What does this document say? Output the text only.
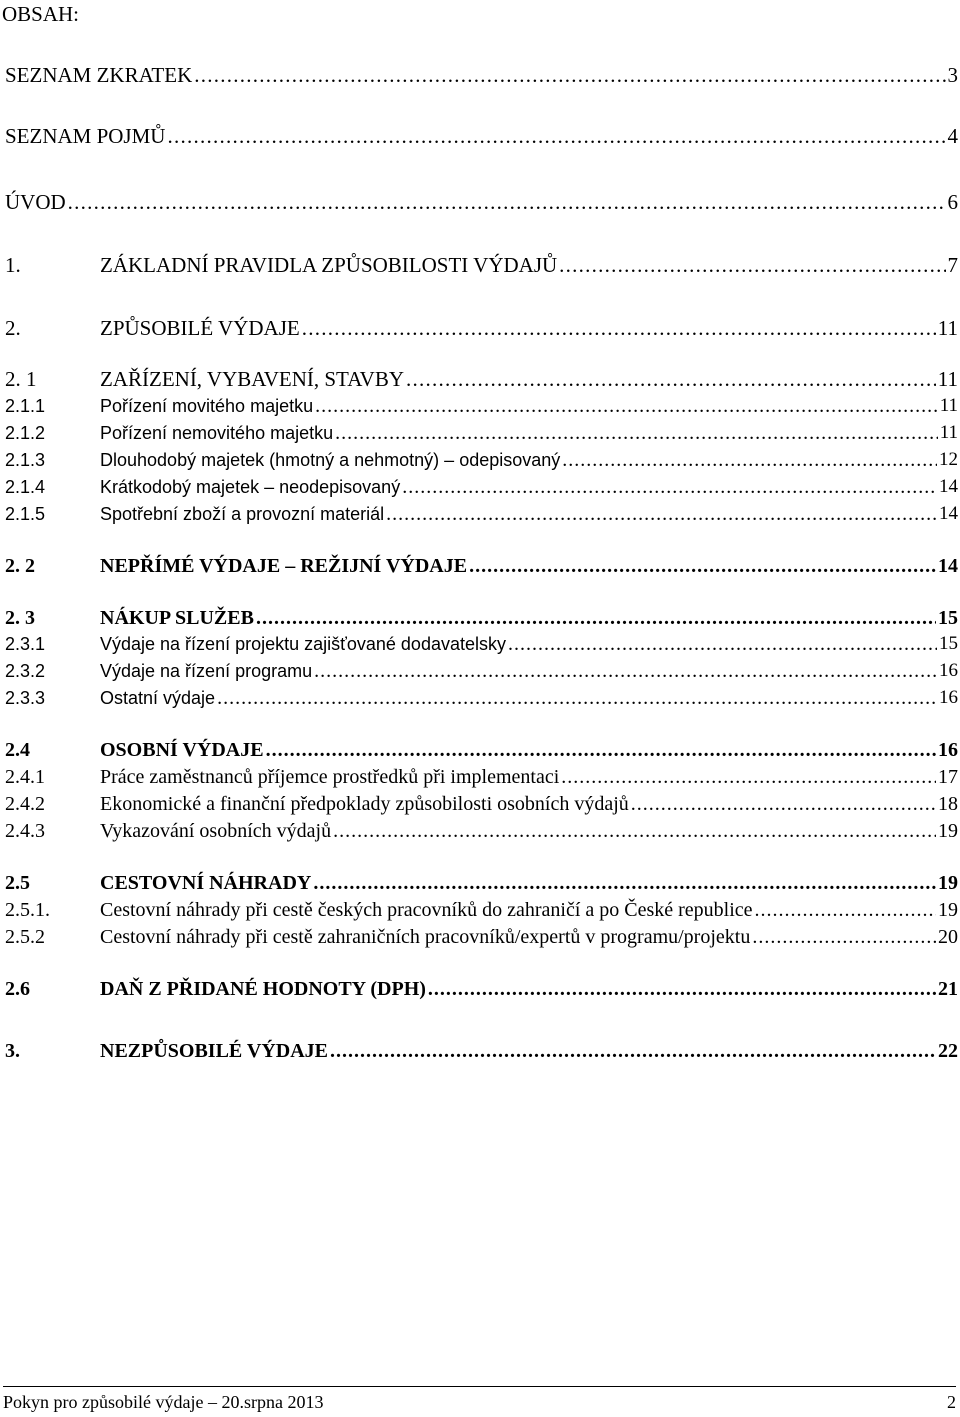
OBSAH:
SEZNAM ZKRATEK . . .	3
SEZNAM POJMŮ . . .	4
ÚVOD . . .	6
1.	ZÁKLADNÍ PRAVIDLA ZPŮSOBILOSTI VÝDAJŮ . . .	7
2.	ZPŮSOBILÉ VÝDAJE . . .	11
2. 1	ZAŘÍZENÍ, VYBAVENÍ, STAVBY . . .	11
2.1.1	Pořízení movitého majetku . . .	11
2.1.2	Pořízení nemovitého majetku . . .	11
2.1.3	Dlouhodobý majetek (hmotný a nehmotný) – odepisovaný . . .	12
2.1.4	Krátkodobý majetek – neodepisovaný . . .	14
2.1.5	Spotřební zboží a provozní materiál . . .	14
2. 2	NEPŘÍMÉ VÝDAJE – REŽIJNÍ VÝDAJE . . .	14
2. 3	NÁKUP SLUŽEB . . .	15
2.3.1	Výdaje na řízení projektu zajišťované dodavatelsky . . .	15
2.3.2	Výdaje na řízení programu . . .	16
2.3.3	Ostatní výdaje . . .	16
2.4	OSOBNÍ VÝDAJE . . .	16
2.4.1	Práce zaměstnanců příjemce prostředků při implementaci . . .	17
2.4.2	Ekonomické a finanční předpoklady způsobilosti osobních výdajů . . .	18
2.4.3	Vykazování osobních výdajů . . .	19
2.5	CESTOVNÍ NÁHRADY . . .	19
2.5.1.	Cestovní náhrady při cestě českých pracovníků do zahraničí a po České republice . . .	19
2.5.2	Cestovní náhrady při cestě zahraničních pracovníků/expertů v programu/projektu . . .	20
2.6	DAŇ Z PŘIDANÉ HODNOTY (DPH) . . .	21
3.	NEZPŮSOBILÉ VÝDAJE . . .	22
Pokyn pro způsobilé výdaje – 20.srpna 2013	2
